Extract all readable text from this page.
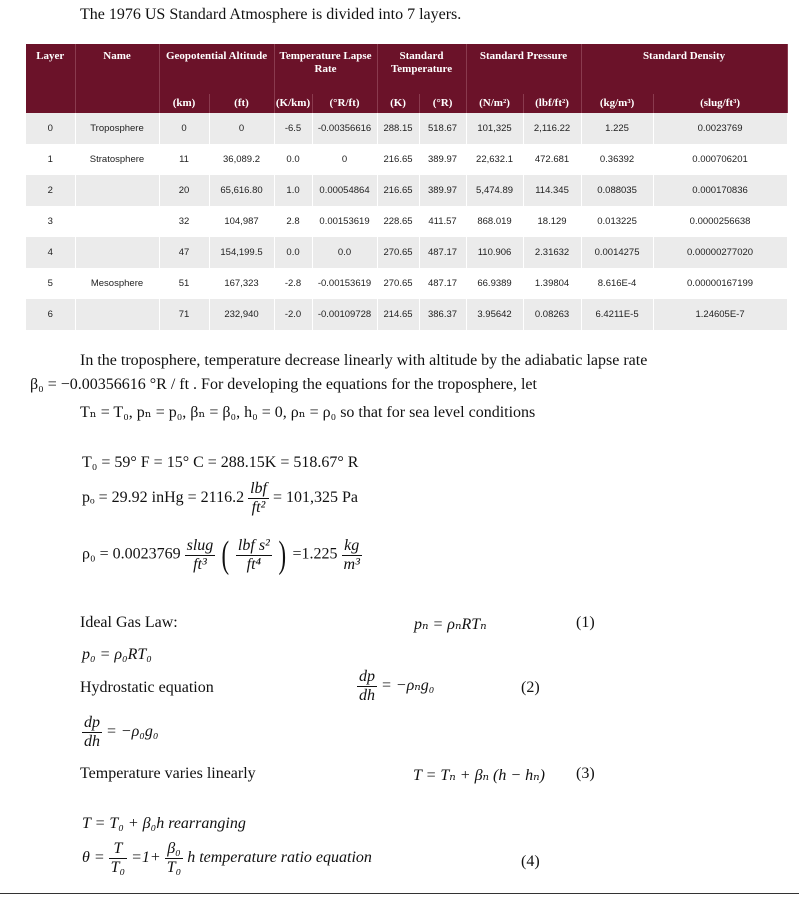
The 1976 US Standard Atmosphere is divided into 7 layers.
Layer	Name	Geopotential Altitude		Temperature Lapse Rate		Standard Temperature		Standard Pressure		Standard Density	
		(km)	(ft)	(K/km)	(°R/ft)	(K)	(°R)	(N/m²)	(lbf/ft²)	(kg/m³)	(slug/ft³)
0	Troposphere	0	0	-6.5	-0.00356616	288.15	518.67	101,325	2,116.22	1.225	0.0023769
1	Stratosphere	11	36,089.2	0.0	0	216.65	389.97	22,632.1	472.681	0.36392	0.000706201
2		20	65,616.80	1.0	0.00054864	216.65	389.97	5,474.89	114.345	0.088035	0.000170836
3		32	104,987	2.8	0.00153619	228.65	411.57	868.019	18.129	0.013225	0.0000256638
4		47	154,199.5	0.0	0.0	270.65	487.17	110.906	2.31632	0.0014275	0.00000277020
5	Mesosphere	51	167,323	-2.8	-0.00153619	270.65	487.17	66.9389	1.39804	8.616E-4	0.00000167199
6		71	232,940	-2.0	-0.00109728	214.65	386.37	3.95642	0.08263	6.4211E-5	1.24605E-7
In the troposphere, temperature decrease linearly with altitude by the adiabatic lapse rate
β₀ = −0.00356616 °R / ft . For developing the equations for the troposphere, let
Tₙ = T₀, pₙ = p₀, βₙ = β₀, h₀ = 0, ρₙ = ρ₀ so that for sea level conditions
T₀ = 59° F = 15° C = 288.15K = 518.67° R
pₒ = 29.92 inHg = $2116.2 \frac{\text{lbf}}{\text{ft²}} = 101,325$ Pa
$\rho_0 = 0.0023769 \frac{\text{slug}}{\text{ft³}}$ ( $\frac{\text{lbf s²}}{\text{ft⁴}}$ ) $=1.225 \frac{kg}{\text{m³}}$
Ideal Gas Law:	pₙ = ρₙRTₙ	(1)
p₀ = ρ₀RT₀
Hydrostatic equation	$\frac{dp}{dh} = -\rho_ng_0$	(2)
$\frac{dp}{dh} = -\rho_0g_0$
Temperature varies linearly	T = Tₙ + βₙ (h − hₙ) (3)
T = T₀ + β₀h rearranging
$\theta = \frac{T}{\text{T₀}} =1+ \frac{\text{β₀}}{\text{T₀}}$ h temperature ratio equation	(4)
